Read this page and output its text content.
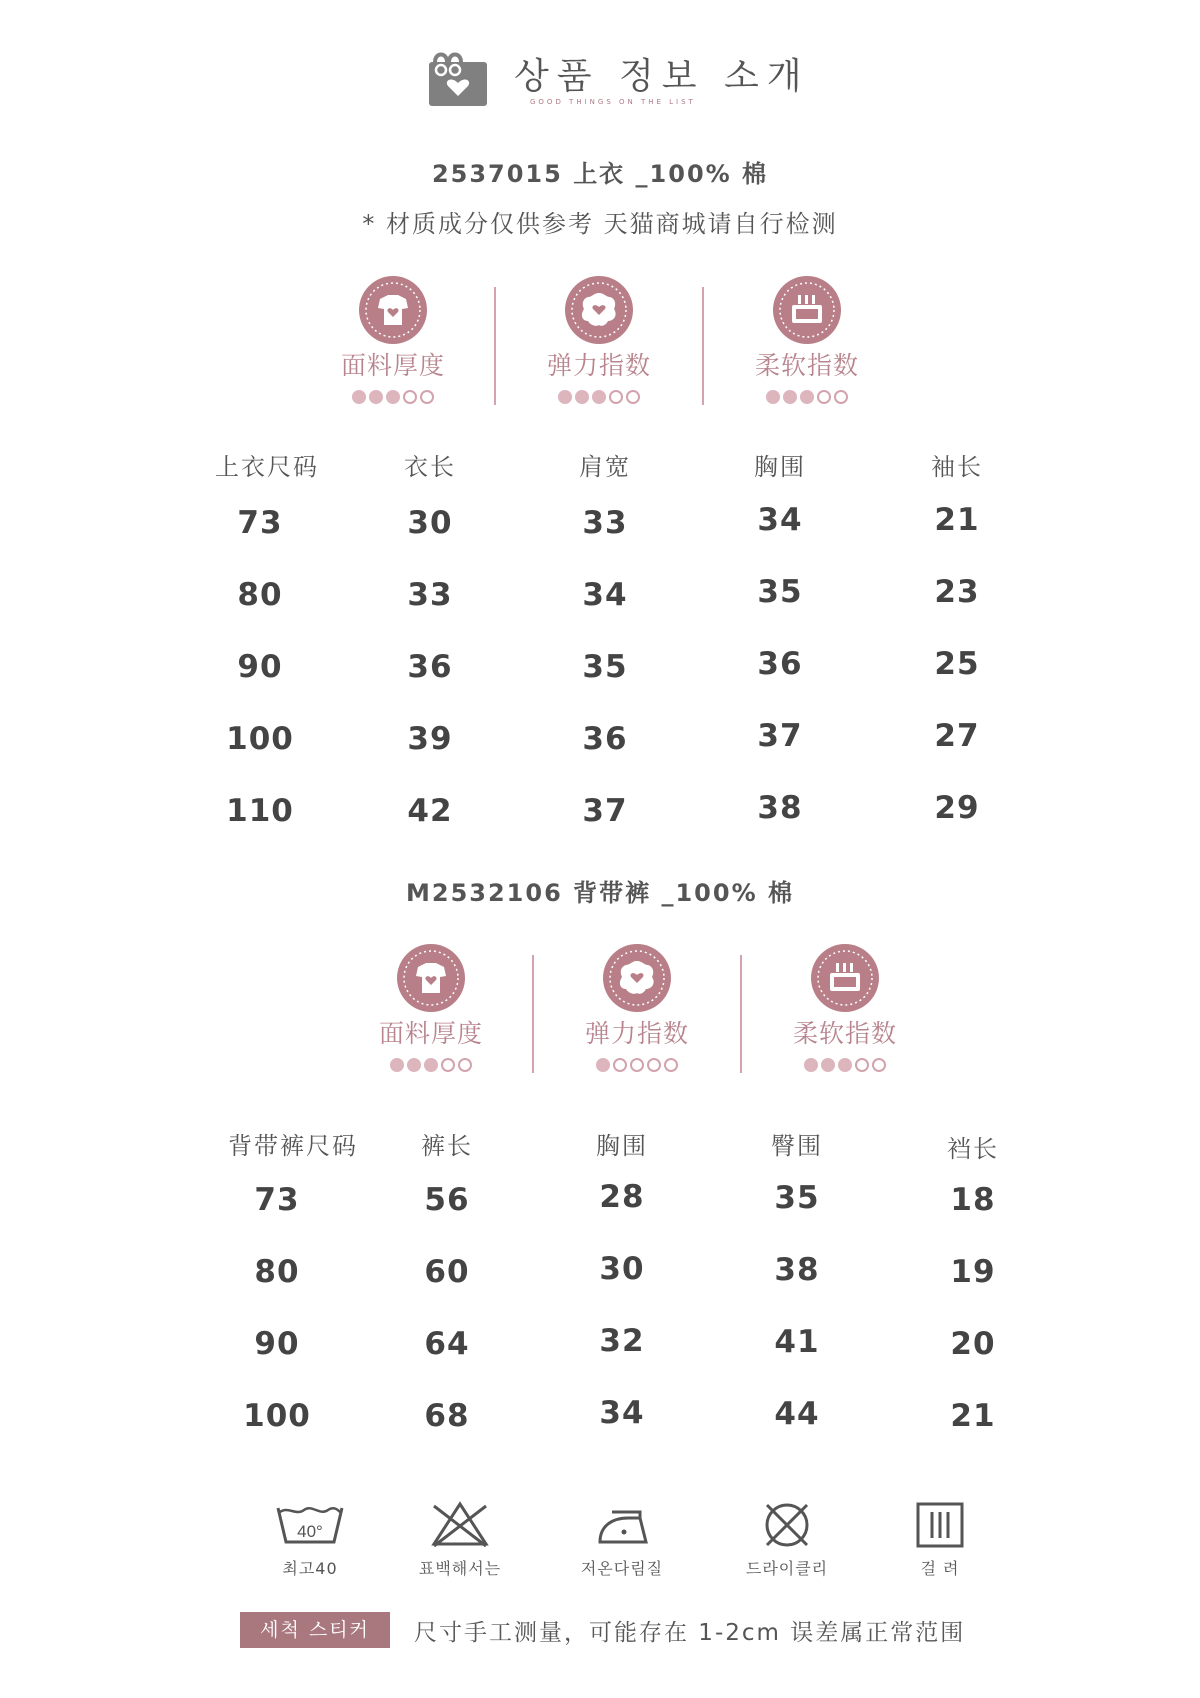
상품 정보 소개
GOOD THINGS ON THE LIST
2537015 上衣 _100% 棉
* 材质成分仅供参考 天猫商城请自行检测
面料厚度	弹力指数	柔软指数
上衣尺码	衣长	肩宽	胸围	袖长
73	30	33	34	21
80	33	34	35	23
90	36	35	36	25
100	39	36	37	27
110	42	37	38	29
M2532106 背带裤 _100% 棉
面料厚度	弹力指数	柔软指数
背带裤尺码	裤长	胸围	臀围	裆长
73	56	28	35	18
80	60	30	38	19
90	64	32	41	20
100	68	34	44	21
40°
최고40	표백해서는	저온다림질	드라이클리	걸 려
세척 스티커	尺寸手工测量，可能存在 1-2cm 误差属正常范围
